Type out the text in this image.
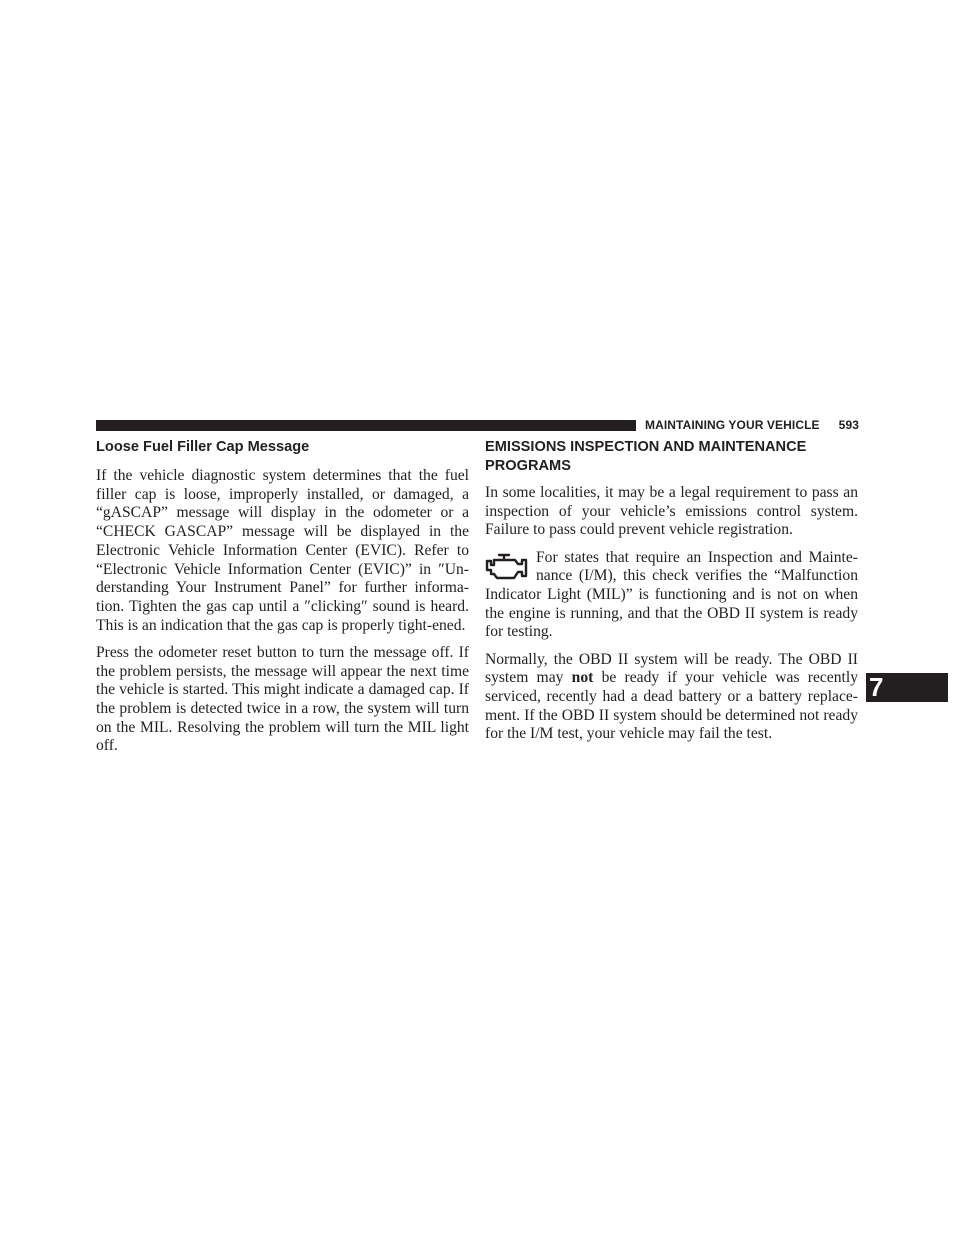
MAINTAINING YOUR VEHICLE 593
Loose Fuel Filler Cap Message

If the vehicle diagnostic system determines that the fuel filler cap is loose, improperly installed, or damaged, a “gASCAP” message will display in the odometer or a “CHECK GASCAP” message will be displayed in the Electronic Vehicle Information Center (EVIC). Refer to “Electronic Vehicle Information Center (EVIC)” in ″Un-derstanding Your Instrument Panel” for further informa-tion. Tighten the gas cap until a ″clicking″ sound is heard. This is an indication that the gas cap is properly tight-ened.

Press the odometer reset button to turn the message off. If the problem persists, the message will appear the next time the vehicle is started. This might indicate a damaged cap. If the problem is detected twice in a row, the system will turn on the MIL. Resolving the problem will turn the MIL light off.

EMISSIONS INSPECTION AND MAINTENANCE
PROGRAMS

In some localities, it may be a legal requirement to pass an inspection of your vehicle’s emissions control system. Failure to pass could prevent vehicle registration.

For states that require an Inspection and Mainte-nance (I/M), this check verifies the “Malfunction Indicator Light (MIL)” is functioning and is not on when the engine is running, and that the OBD II system is ready for testing.

Normally, the OBD II system will be ready. The OBD II system may not be ready if your vehicle was recently serviced, recently had a dead battery or a battery replace-ment. If the OBD II system should be determined not ready for the I/M test, your vehicle may fail the test.

7
